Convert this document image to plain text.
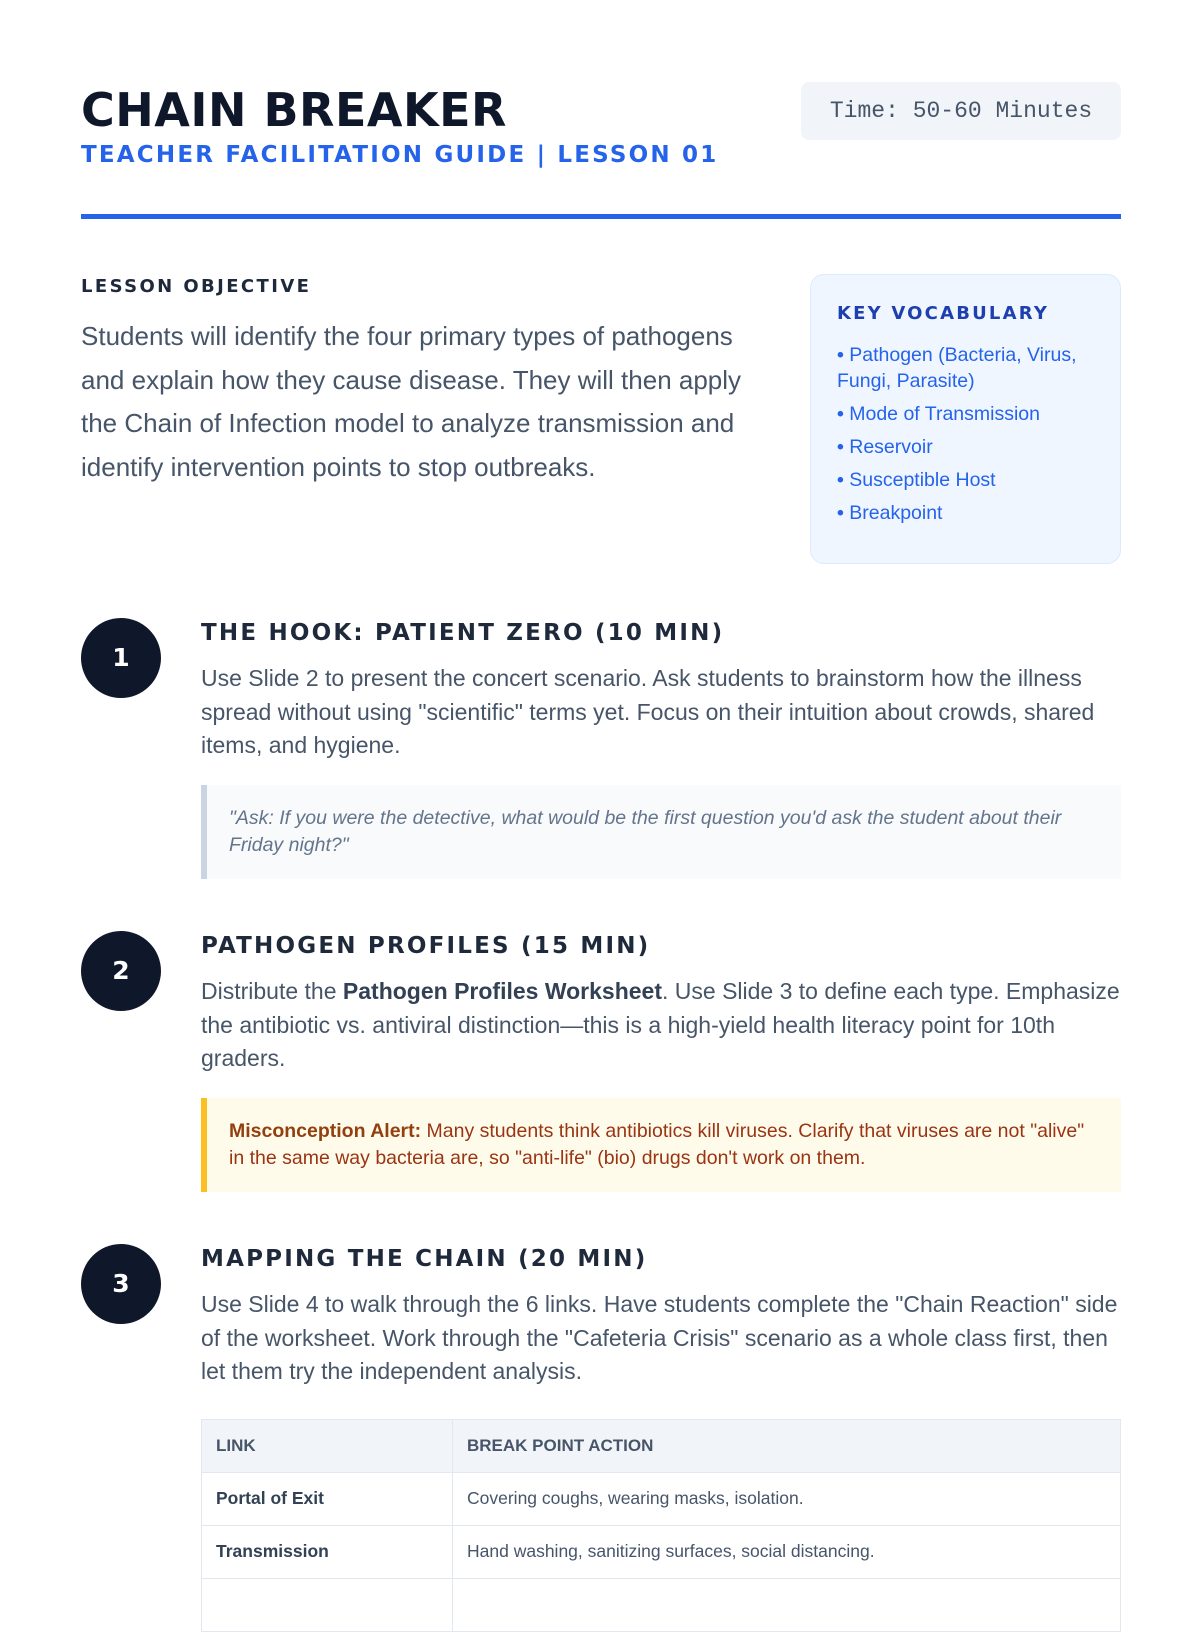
CHAIN BREAKER
TEACHER FACILITATION GUIDE | LESSON 01
Time: 50-60 Minutes
LESSON OBJECTIVE

Students will identify the four primary types of pathogens and explain how they cause disease. They will then apply the Chain of Infection model to analyze transmission and identify intervention points to stop outbreaks.

KEY VOCABULARY
• Pathogen (Bacteria, Virus, Fungi, Parasite)
• Mode of Transmission
• Reservoir
• Susceptible Host
• Breakpoint
1
THE HOOK: PATIENT ZERO (10 MIN)

Use Slide 2 to present the concert scenario. Ask students to brainstorm how the illness spread without using "scientific" terms yet. Focus on their intuition about crowds, shared items, and hygiene.

"Ask: If you were the detective, what would be the first question you'd ask the student about their Friday night?"
2
PATHOGEN PROFILES (15 MIN)

Distribute the Pathogen Profiles Worksheet. Use Slide 3 to define each type. Emphasize the antibiotic vs. antiviral distinction—this is a high-yield health literacy point for 10th graders.

Misconception Alert: Many students think antibiotics kill viruses. Clarify that viruses are not "alive" in the same way bacteria are, so "anti-life" (bio) drugs don't work on them.
3
MAPPING THE CHAIN (20 MIN)

Use Slide 4 to walk through the 6 links. Have students complete the "Chain Reaction" side of the worksheet. Work through the "Cafeteria Crisis" scenario as a whole class first, then let them try the independent analysis.

LINK	BREAK POINT ACTION
Portal of Exit	Covering coughs, wearing masks, isolation.
Transmission	Hand washing, sanitizing surfaces, social distancing.
